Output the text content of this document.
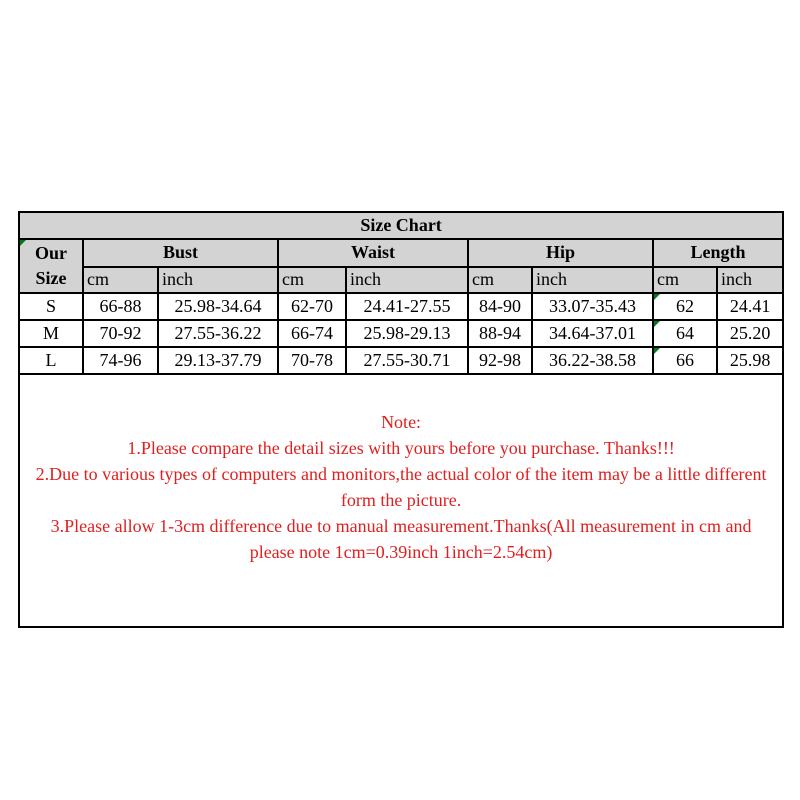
Size Chart								

Our
Size	Bust		Waist		Hip		Length	
	cm	inch	cm	inch	cm	inch	cm	inch
S	66-88	25.98-34.64	62-70	24.41-27.55	84-90	33.07-35.43	62	24.41
M	70-92	27.55-36.22	66-74	25.98-29.13	88-94	34.64-37.01	64	25.20
L	74-96	29.13-37.79	70-78	27.55-30.71	92-98	36.22-38.58	66	25.98

Note:
1.Please compare the detail sizes with yours before you purchase. Thanks!!!
2.Due to various types of computers and monitors,the actual color of the item may be a little different form the picture.
3.Please allow 1-3cm difference due to manual measurement.Thanks(All measurement in cm and please note 1cm=0.39inch 1inch=2.54cm)								
